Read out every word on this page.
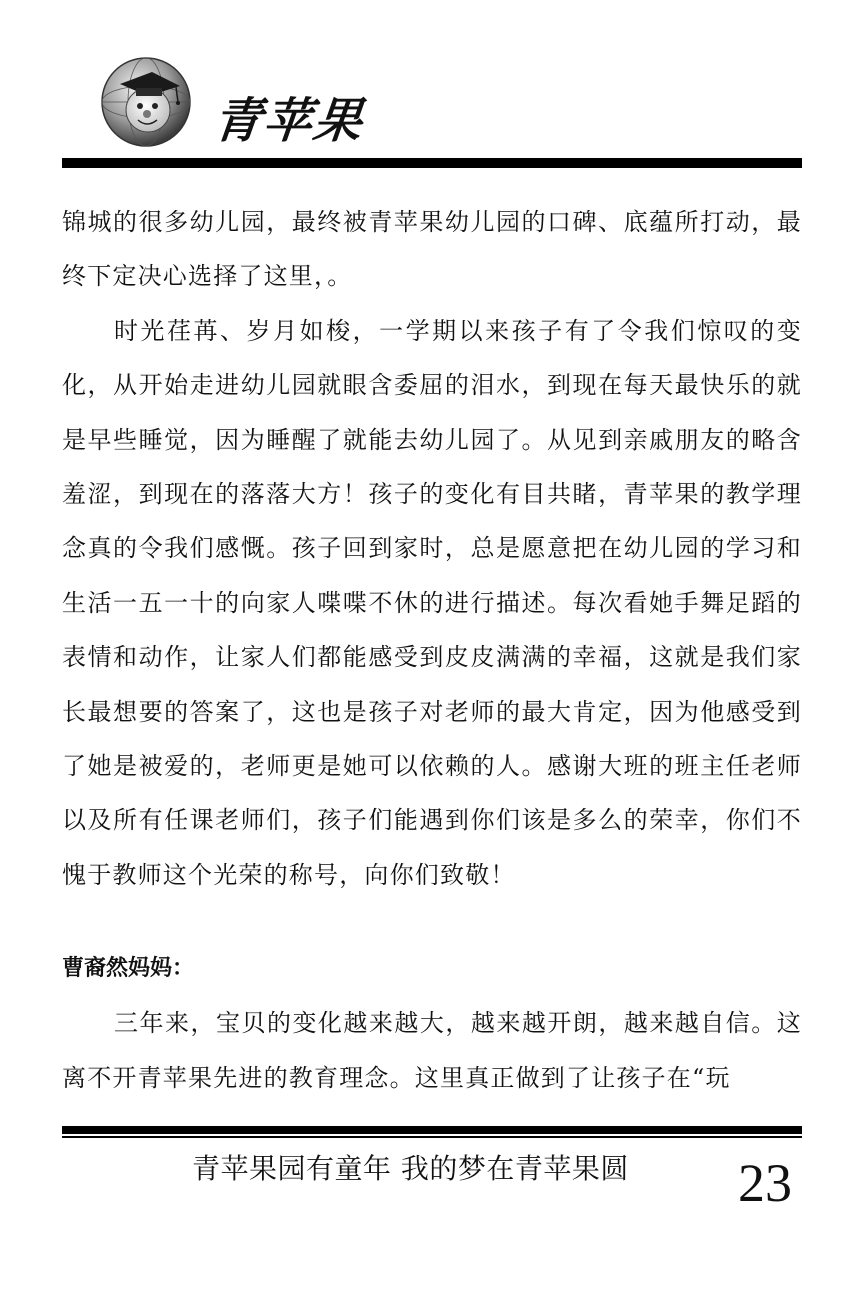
青苹果

锦城的很多幼儿园，最终被青苹果幼儿园的口碑、底蕴所打动，最终下定决心选择了这里，。

时光荏苒、岁月如梭，一学期以来孩子有了令我们惊叹的变化，从开始走进幼儿园就眼含委屈的泪水，到现在每天最快乐的就是早些睡觉，因为睡醒了就能去幼儿园了。从见到亲戚朋友的略含羞涩，到现在的落落大方！孩子的变化有目共睹，青苹果的教学理念真的令我们感慨。孩子回到家时，总是愿意把在幼儿园的学习和生活一五一十的向家人喋喋不休的进行描述。每次看她手舞足蹈的表情和动作，让家人们都能感受到皮皮满满的幸福，这就是我们家长最想要的答案了，这也是孩子对老师的最大肯定，因为他感受到了她是被爱的，老师更是她可以依赖的人。感谢大班的班主任老师以及所有任课老师们，孩子们能遇到你们该是多么的荣幸，你们不愧于教师这个光荣的称号，向你们致敬！

曹裔然妈妈：

三年来，宝贝的变化越来越大，越来越开朗，越来越自信。这离不开青苹果先进的教育理念。这里真正做到了让孩子在“玩

青苹果园有童年 我的梦在青苹果圆 23
